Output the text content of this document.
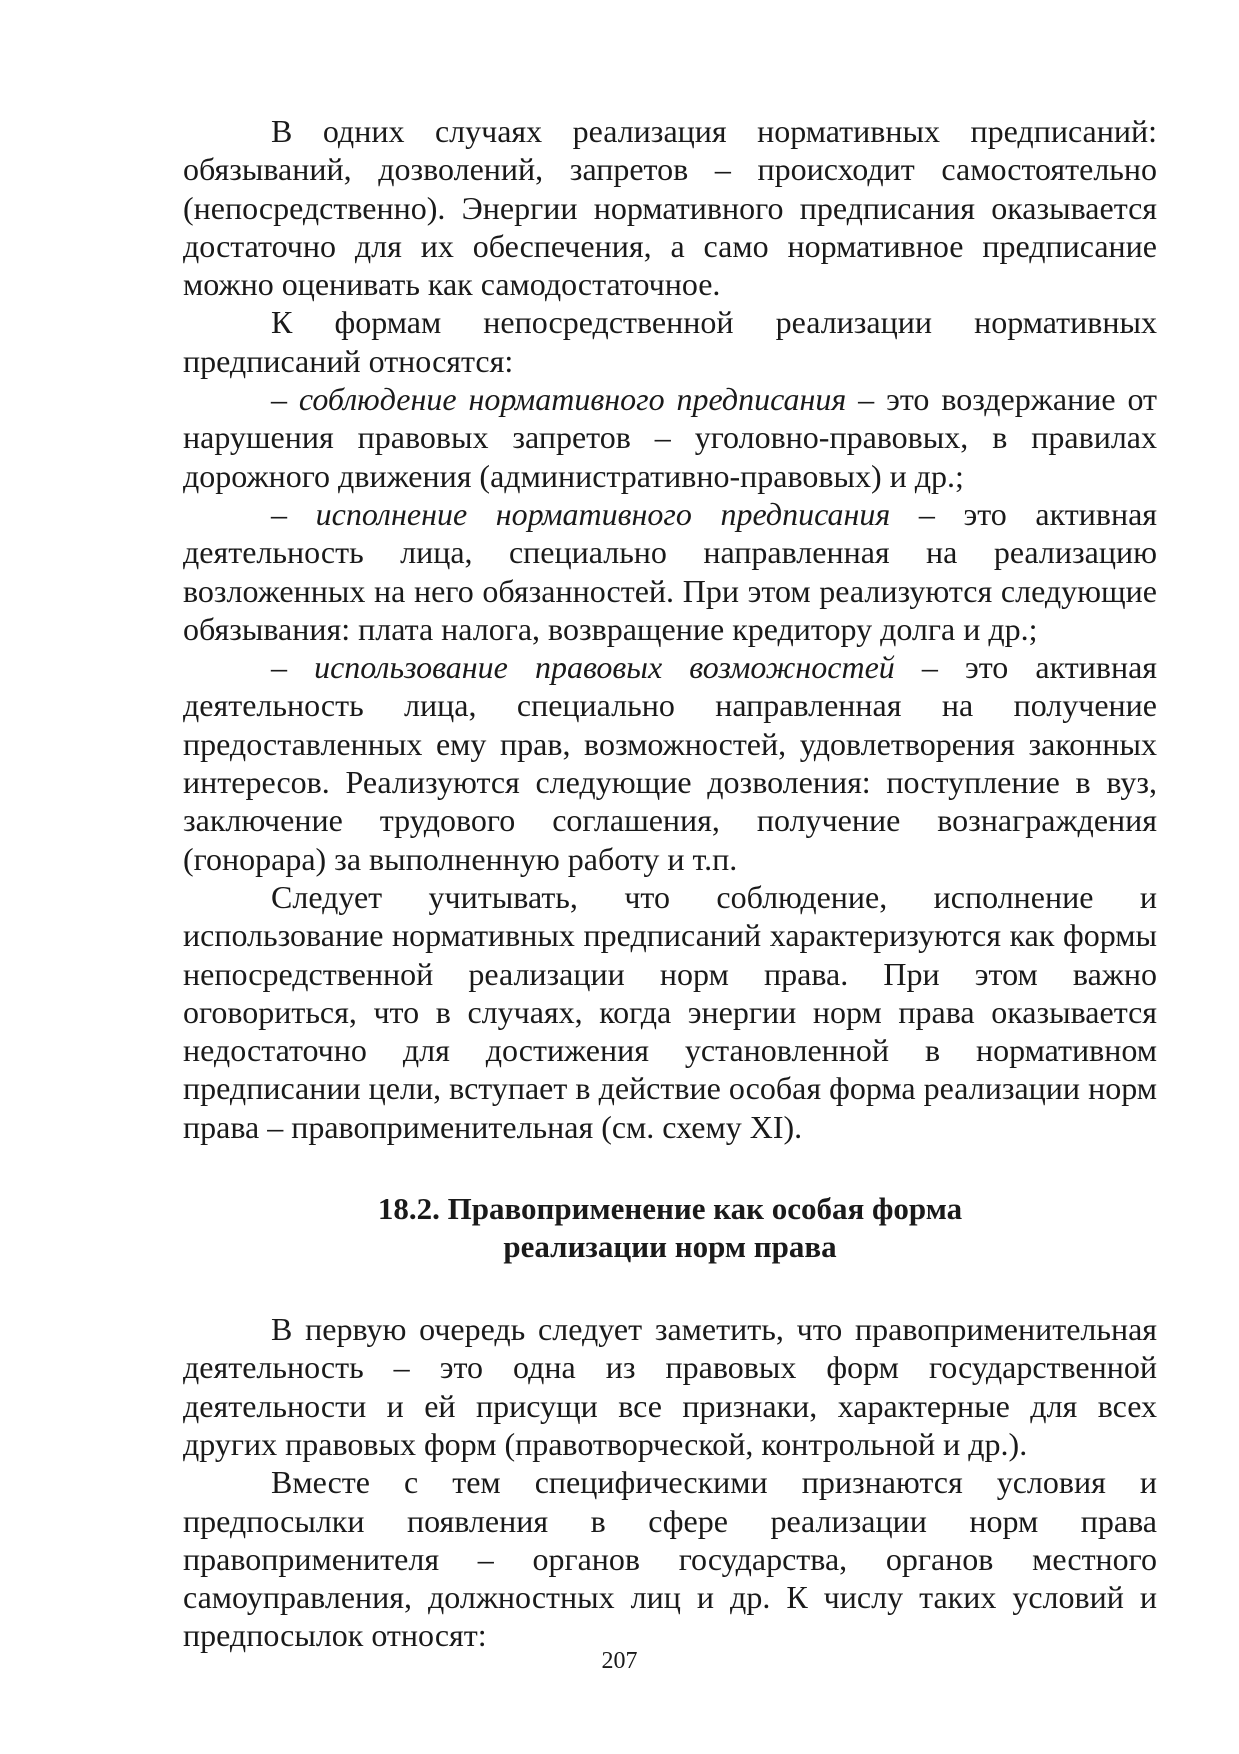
В одних случаях реализация нормативных предписаний: обязываний, дозволений, запретов – происходит самостоятельно (непосредственно). Энергии нормативного предписания оказывается достаточно для их обеспечения, а само нормативное предписание можно оценивать как самодостаточное.

К формам непосредственной реализации нормативных предписаний относятся:

– соблюдение нормативного предписания – это воздержание от нарушения правовых запретов – уголовно-правовых, в правилах дорожного движения (административно-правовых) и др.;

– исполнение нормативного предписания – это активная деятельность лица, специально направленная на реализацию возложенных на него обязанностей. При этом реализуются следующие обязывания: плата налога, возвращение кредитору долга и др.;

– использование правовых возможностей – это активная деятельность лица, специально направленная на получение предоставленных ему прав, возможностей, удовлетворения законных интересов. Реализуются следующие дозволения: поступление в вуз, заключение трудового соглашения, получение вознаграждения (гонорара) за выполненную работу и т.п.

Следует учитывать, что соблюдение, исполнение и использование нормативных предписаний характеризуются как формы непосредственной реализации норм права. При этом важно оговориться, что в случаях, когда энергии норм права оказывается недостаточно для достижения установленной в нормативном предписании цели, вступает в действие особая форма реализации норм права – правоприменительная (см. схему XI).

18.2. Правоприменение как особая форма
реализации норм права

В первую очередь следует заметить, что правоприменительная деятельность – это одна из правовых форм государственной деятельности и ей присущи все признаки, характерные для всех других правовых форм (правотворческой, контрольной и др.).

Вместе с тем специфическими признаются условия и предпосылки появления в сфере реализации норм права правоприменителя – органов государства, органов местного самоуправления, должностных лиц и др. К числу таких условий и предпосылок относят:

207
